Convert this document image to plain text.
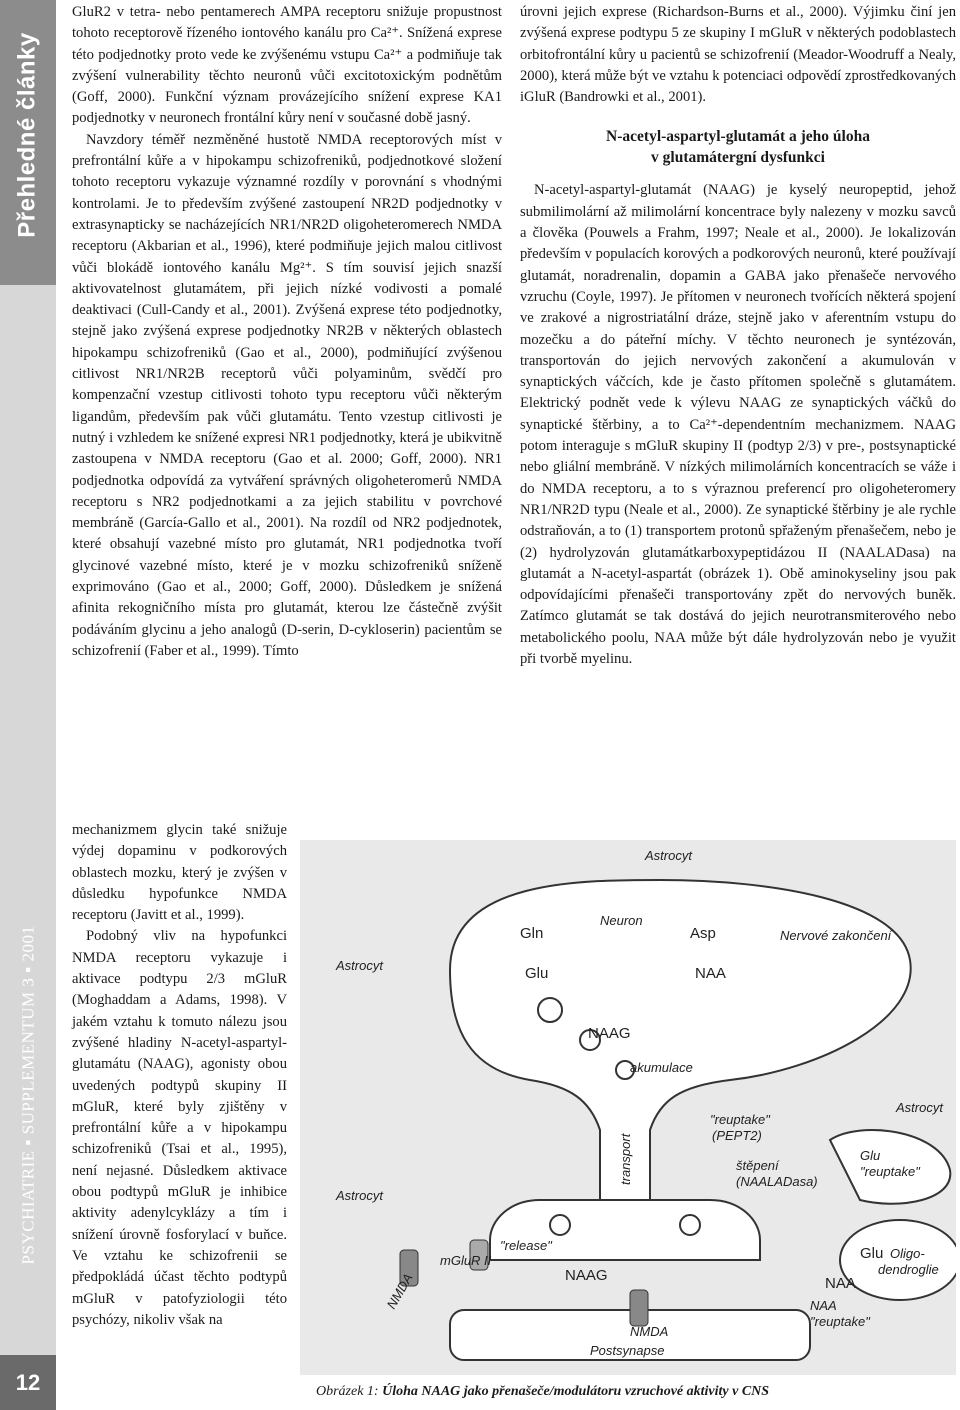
Přehledné články
PSYCHIATRIE ▪ SUPPLEMENTUM 3 ▪ 2001
12

GluR2 v tetra- nebo pentamerech AMPA receptoru snižuje propustnost tohoto receptorově řízeného iontového kanálu pro Ca²⁺. Snížená exprese této podjednotky proto vede ke zvýšenému vstupu Ca²⁺ a podmiňuje tak zvýšení vulnerability těchto neuronů vůči excitotoxickým podnětům (Goff, 2000). Funkční význam provázejícího snížení exprese KA1 podjednotky v neuronech frontální kůry není v současné době jasný.

Navzdory téměř nezměněné hustotě NMDA receptorových míst v prefrontální kůře a v hipokampu schizofreniků, podjednotkové složení tohoto receptoru vykazuje významné rozdíly v porovnání s vhodnými kontrolami. Je to především zvýšené zastoupení NR2D podjednotky v extrasynapticky se nacházejících NR1/NR2D oligoheteromerech NMDA receptoru (Akbarian et al., 1996), které podmiňuje jejich malou citlivost vůči blokádě iontového kanálu Mg²⁺. S tím souvisí jejich snazší aktivovatelnost glutamátem, při jejich nízké vodivosti a pomalé deaktivaci (Cull-Candy et al., 2001). Zvýšená exprese této podjednotky, stejně jako zvýšená exprese podjednotky NR2B v některých oblastech hipokampu schizofreniků (Gao et al., 2000), podmiňující zvýšenou citlivost NR1/NR2B receptorů vůči polyaminům, svědčí pro kompenzační vzestup citlivosti tohoto typu receptoru vůči některým ligandům, především pak vůči glutamátu. Tento vzestup citlivosti je nutný i vzhledem ke snížené expresi NR1 podjednotky, která je ubikvitně zastoupena v NMDA receptoru (Gao et al. 2000; Goff, 2000). NR1 podjednotka odpovídá za vytváření správných oligoheteromerů NMDA receptoru s NR2 podjednotkami a za jejich stabilitu v povrchové membráně (García-Gallo et al., 2001). Na rozdíl od NR2 podjednotek, které obsahují vazebné místo pro glutamát, NR1 podjednotka tvoří glycinové vazebné místo, které je v mozku schizofreniků sníženě exprimováno (Gao et al., 2000; Goff, 2000). Důsledkem je snížená afinita rekogničního místa pro glutamát, kterou lze částečně zvýšit podáváním glycinu a jeho analogů (D-serin, D-cykloserin) pacientům se schizofrenií (Faber et al., 1999). Tímto

mechanizmem glycin také snižuje výdej dopaminu v podkorových oblastech mozku, který je zvýšen v důsledku hypofunkce NMDA receptoru (Javitt et al., 1999).

Podobný vliv na hypofunkci NMDA receptoru vykazuje i aktivace podtypu 2/3 mGluR (Moghaddam a Adams, 1998). V jakém vztahu k tomuto nálezu jsou zvýšené hladiny N-acetyl-aspartyl-glutamátu (NAAG), agonisty obou uvedených podtypů skupiny II mGluR, které byly zjištěny v prefrontální kůře a v hipokampu schizofreniků (Tsai et al., 1995), není nejasné. Důsledkem aktivace obou podtypů mGluR je inhibice aktivity adenylcyklázy a tím i snížení úrovně fosforylací v buňce. Ve vztahu ke schizofrenii se předpokládá účast těchto podtypů mGluR v patofyziologii této psychózy, nikoliv však na

úrovni jejich exprese (Richardson-Burns et al., 2000). Výjimku činí jen zvýšená exprese podtypu 5 ze skupiny I mGluR v některých podoblastech orbitofrontální kůry u pacientů se schizofrenií (Meador-Woodruff a Nealy, 2000), která může být ve vztahu k potenciaci odpovědí zprostředkovaných iGluR (Bandrowki et al., 2001).

N-acetyl-aspartyl-glutamát a jeho úloha
v glutamátergní dysfunkci

N-acetyl-aspartyl-glutamát (NAAG) je kyselý neuropeptid, jehož submilimolární až milimolární koncentrace byly nalezeny v mozku savců a člověka (Pouwels a Frahm, 1997; Neale et al., 2000). Je lokalizován především v populacích korových a podkorových neuronů, které používají glutamát, noradrenalin, dopamin a GABA jako přenašeče nervového vzruchu (Coyle, 1997). Je přítomen v neuronech tvořících některá spojení ve zrakové a nigrostriatální dráze, stejně jako v aferentním vstupu do mozečku a do páteřní míchy. V těchto neuronech je syntézován, transportován do jejich nervových zakončení a akumulován v synaptických váčcích, kde je často přítomen společně s glutamátem. Elektrický podnět vede k výlevu NAAG ze synaptických váčků do synaptické štěrbiny, a to Ca²⁺-dependentním mechanizmem. NAAG potom interaguje s mGluR skupiny II (podtyp 2/3) v pre-, postsynaptické nebo gliální membráně. V nízkých milimolárních koncentracích se váže i do NMDA receptoru, a to s výraznou preferencí pro oligoheteromery NR1/NR2D typu (Neale et al., 2000). Ze synaptické štěrbiny je ale rychle odstraňován, a to (1) transportem protonů spřaženým přenašečem, nebo je (2) hydrolyzován glutamátkarboxypeptidázou II (NAALADasa) na glutamát a N-acetyl-aspartát (obrázek 1). Obě aminokyseliny jsou pak odpovídajícími přenašeči transportovány zpět do nervových buněk. Zatímco glutamát se tak dostává do jejich neurotransmiterového nebo metabolického poolu, NAA může být dále hydrolyzován nebo je využit při tvorbě myelinu.

Astrocyt
Neuron
Gln	Asp
Glu	NAA
Nervové zakončení
Astrocyt
NAAG
akumulace
Astrocyt
transport
"reuptake"
(PEPT2)
štěpení
(NAALADasa)
Glu
"reuptake"
Astrocyt
mGluR II
"release"
NAAG
Glu
NAA
NMDA
NMDA
NAA
"reuptake"
Oligo-
dendroglie
Postsynapse
Obrázek 1: Úloha NAAG jako přenašeče/modulátoru vzruchové aktivity v CNS
